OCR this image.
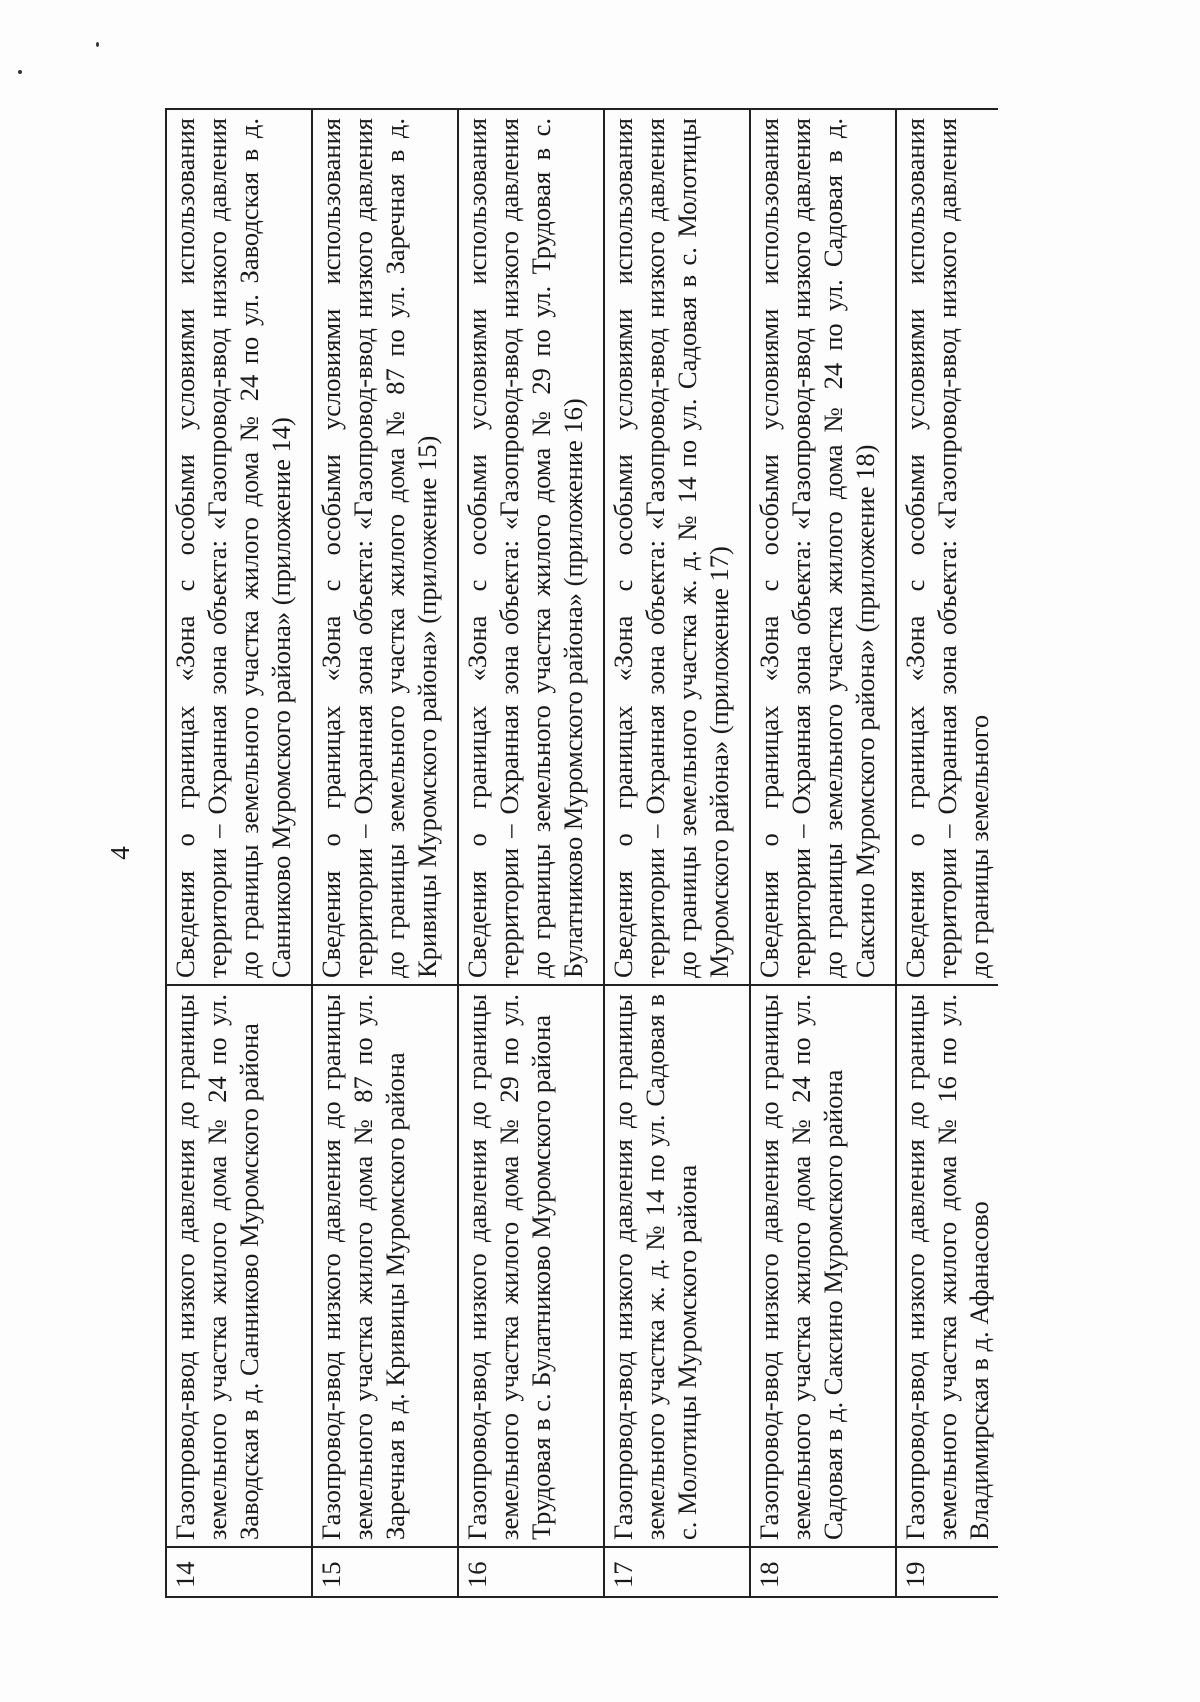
4
14	Газопровод-ввод низкого давления до границы земельного участка жилого дома № 24 по ул. Заводская в д. Санниково Муромского района	Сведения о границах «Зона с особыми условиями использования территории – Охранная зона объекта: «Газопровод-ввод низкого давления до границы земельного участка жилого дома № 24 по ул. Заводская в д. Санниково Муромского района» (приложение 14)
15	Газопровод-ввод низкого давления до границы земельного участка жилого дома № 87 по ул. Заречная в д. Кривицы Муромского района	Сведения о границах «Зона с особыми условиями использования территории – Охранная зона объекта: «Газопровод-ввод низкого давления до границы земельного участка жилого дома № 87 по ул. Заречная в д. Кривицы Муромского района» (приложение 15)
16	Газопровод-ввод низкого давления до границы земельного участка жилого дома № 29 по ул. Трудовая в с. Булатниково Муромского района	Сведения о границах «Зона с особыми условиями использования территории – Охранная зона объекта: «Газопровод-ввод низкого давления до границы земельного участка жилого дома № 29 по ул. Трудовая в с. Булатниково Муромского района» (приложение 16)
17	Газопровод-ввод низкого давления до границы земельного участка ж. д. № 14 по ул. Садовая в с. Молотицы Муромского района	Сведения о границах «Зона с особыми условиями использования территории – Охранная зона объекта: «Газопровод-ввод низкого давления до границы земельного участка ж. д. № 14 по ул. Садовая в с. Молотицы Муромского района» (приложение 17)
18	Газопровод-ввод низкого давления до границы земельного участка жилого дома № 24 по ул. Садовая в д. Саксино Муромского района	Сведения о границах «Зона с особыми условиями использования территории – Охранная зона объекта: «Газопровод-ввод низкого давления до границы земельного участка жилого дома № 24 по ул. Садовая в д. Саксино Муромского района» (приложение 18)
19	Газопровод-ввод низкого давления до границы земельного участка жилого дома № 16 по ул. Владимирская в д. Афанасово	Сведения о границах «Зона с особыми условиями использования территории – Охранная зона объекта: «Газопровод-ввод низкого давления до границы земельного
